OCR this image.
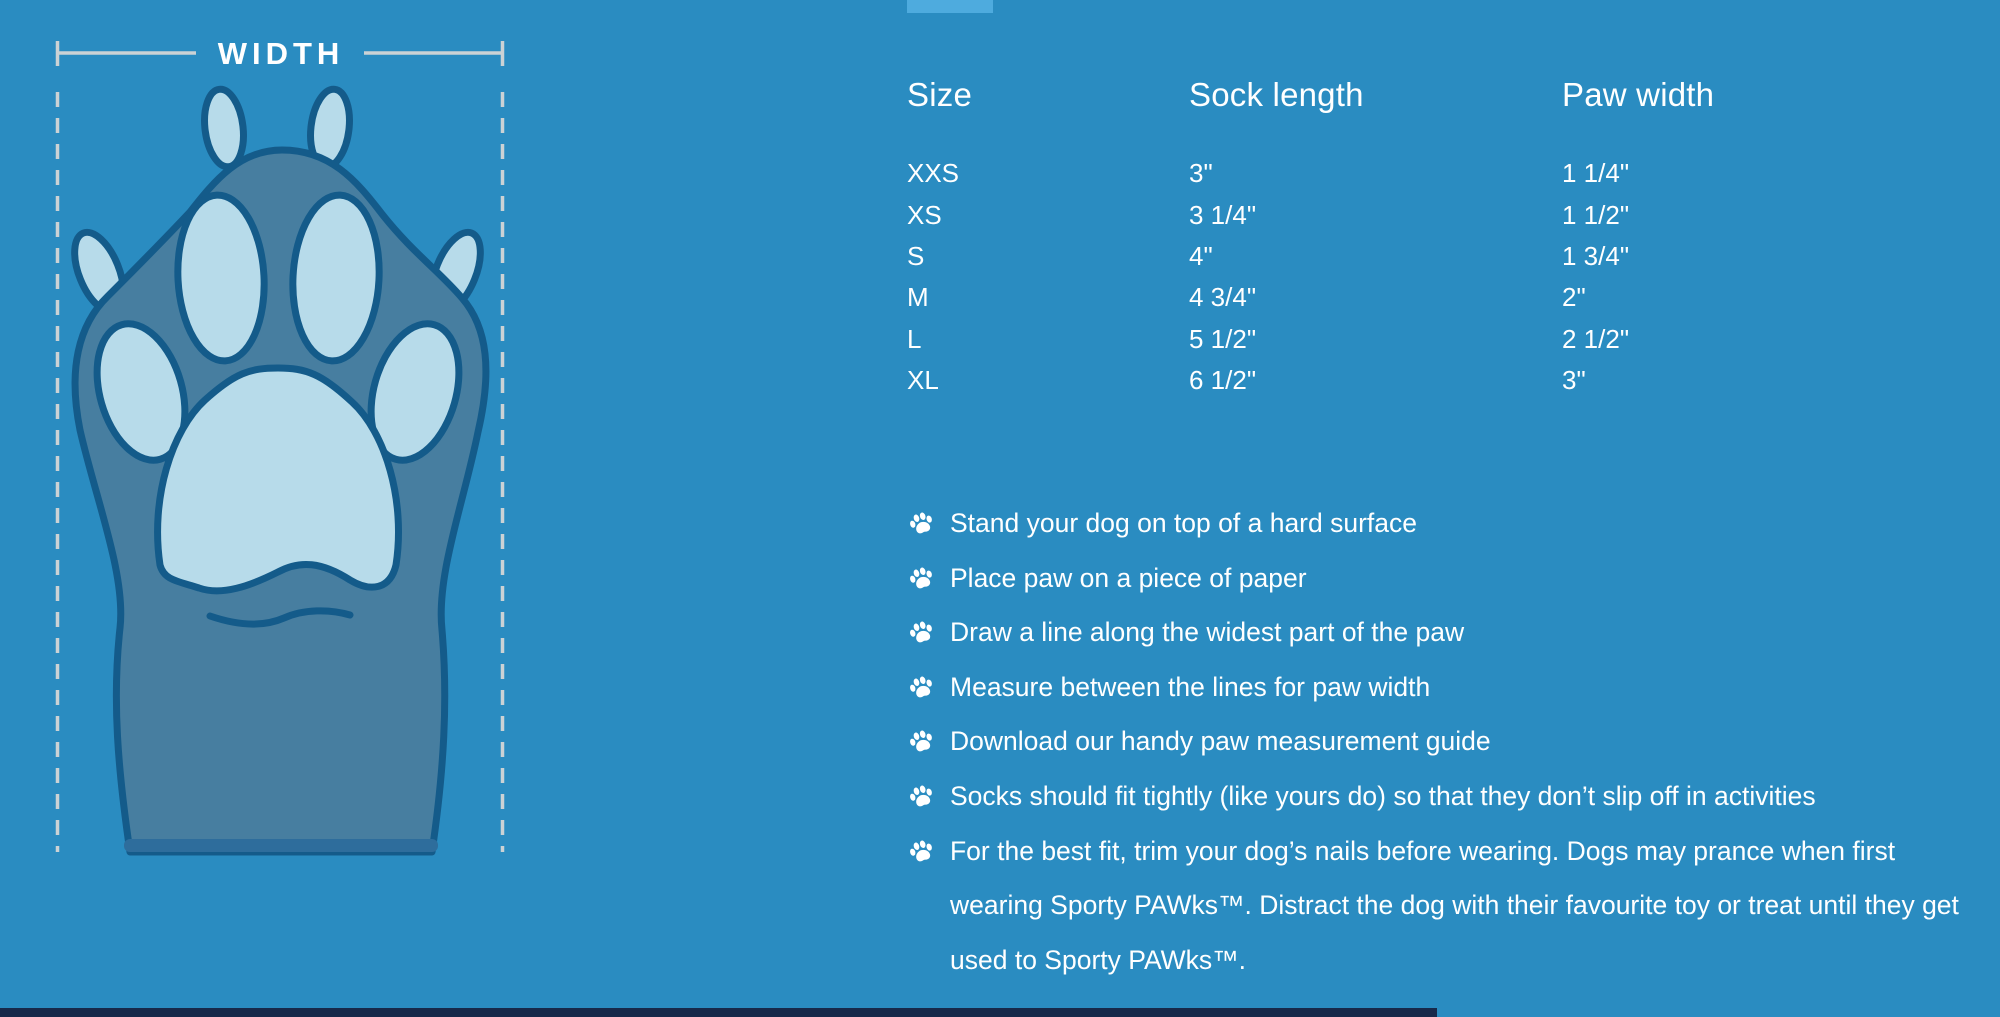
WIDTH
Size	Sock length	Paw width
XXS	3"	1 1/4"
XS	3 1/4"	1 1/2"
S	4"	1 3/4"
M	4 3/4"	2"
L	5 1/2"	2 1/2"
XL	6 1/2"	3"
Stand your dog on top of a hard surface
Place paw on a piece of paper
Draw a line along the widest part of the paw
Measure between the lines for paw width
Download our handy paw measurement guide
Socks should fit tightly (like yours do) so that they don’t slip off in activities
For the best fit, trim your dog’s nails before wearing. Dogs may prance when first wearing Sporty PAWks™. Distract the dog with their favourite toy or treat until they get used to Sporty PAWks™.
